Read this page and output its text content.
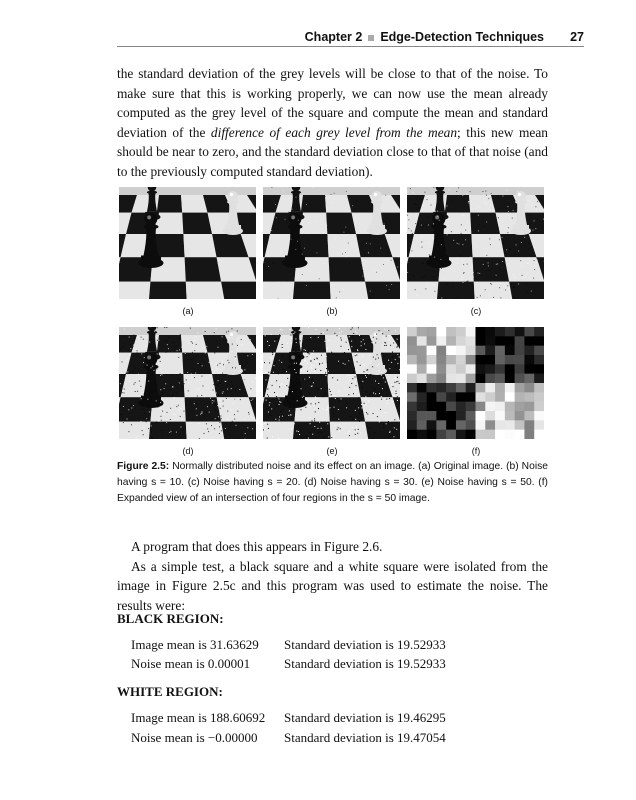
Chapter 2 Edge-Detection Techniques 27
the standard deviation of the grey levels will be close to that of the noise. To make sure that this is working properly, we can now use the mean already computed as the grey level of the square and compute the mean and standard deviation of the difference of each grey level from the mean; this new mean should be near to zero, and the standard deviation close to that of that noise (and to the previously computed standard deviation).
(a)	(b)	(c)
(d)	(e)	(f)
Figure 2.5: Normally distributed noise and its effect on an image. (a) Original image. (b) Noise having s = 10. (c) Noise having s = 20. (d) Noise having s = 30. (e) Noise having s = 50. (f) Expanded view of an intersection of four regions in the s = 50 image.

A program that does this appears in Figure 2.6.

As a simple test, a black square and a white square were isolated from the image in Figure 2.5c and this program was used to estimate the noise. The results were:

BLACK REGION:
Image mean is 31.63629 Standard deviation is 19.52933
Noise mean is 0.00001	Standard deviation is 19.52933
WHITE REGION:
Image mean is 188.60692 Standard deviation is 19.46295
Noise mean is −0.00000 Standard deviation is 19.47054
